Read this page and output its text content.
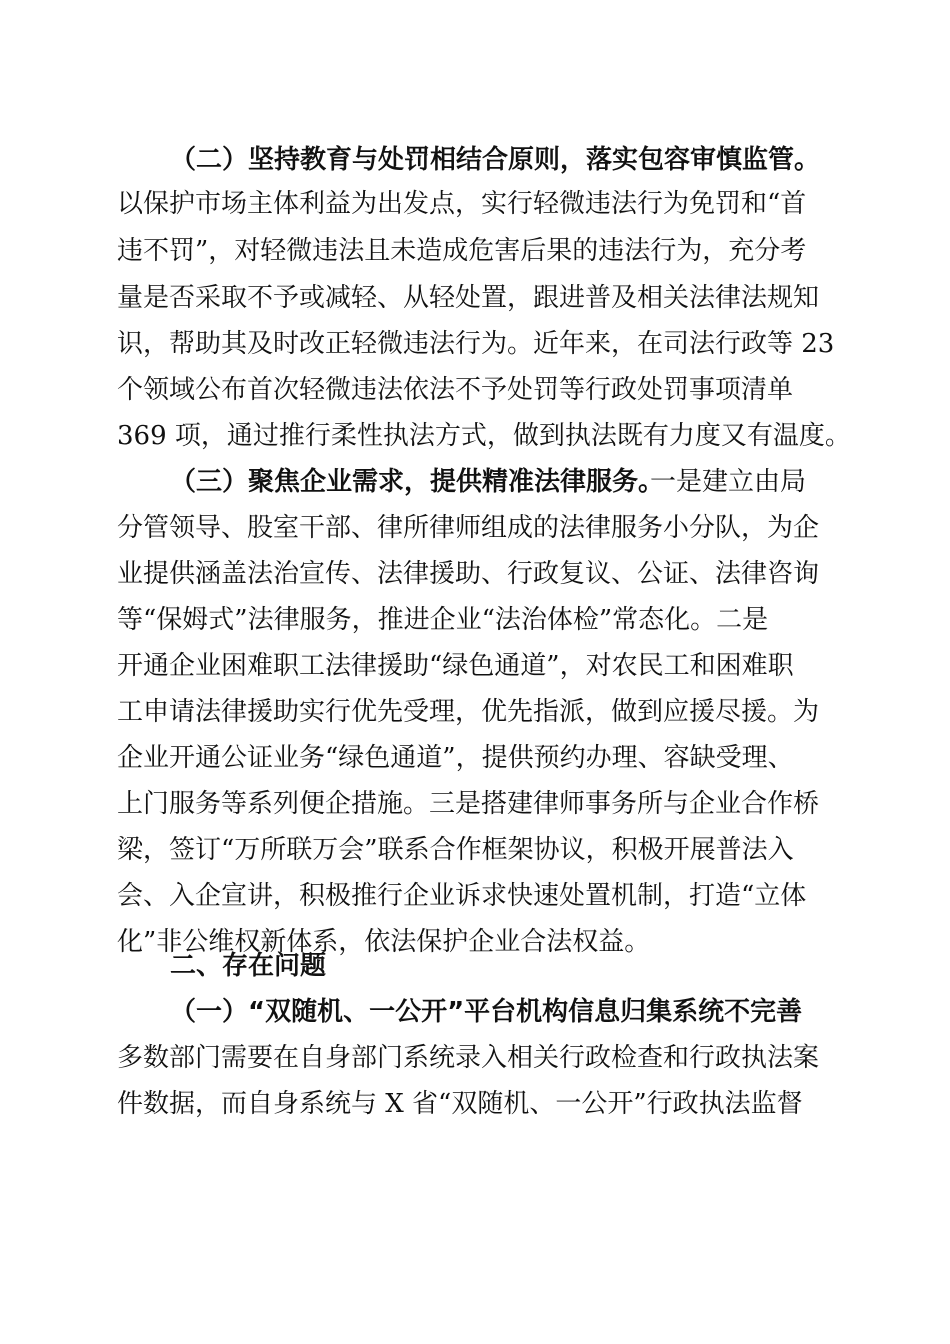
（二）坚持教育与处罚相结合原则，落实包容审慎监管。
以保护市场主体利益为出发点，实行轻微违法行为免罚和“首
违不罚”，对轻微违法且未造成危害后果的违法行为，充分考
量是否采取不予或减轻、从轻处置，跟进普及相关法律法规知
识，帮助其及时改正轻微违法行为。近年来，在司法行政等 23
个领域公布首次轻微违法依法不予处罚等行政处罚事项清单
369 项，通过推行柔性执法方式，做到执法既有力度又有温度。
（三）聚焦企业需求，提供精准法律服务。
一是建立由局
分管领导、股室干部、律所律师组成的法律服务小分队，为企
业提供涵盖法治宣传、法律援助、行政复议、公证、法律咨询
等“保姆式”法律服务，推进企业“法治体检”常态化。二是
开通企业困难职工法律援助“绿色通道”，对农民工和困难职
工申请法律援助实行优先受理，优先指派，做到应援尽援。为
企业开通公证业务“绿色通道”，提供预约办理、容缺受理、
上门服务等系列便企措施。三是搭建律师事务所与企业合作桥
梁，签订“万所联万会”联系合作框架协议，积极开展普法入
会、入企宣讲，积极推行企业诉求快速处置机制，打造“立体
化”非公维权新体系，依法保护企业合法权益。
二、存在问题
（一）“双随机、一公开”平台机构信息归集系统不完善
多数部门需要在自身部门系统录入相关行政检查和行政执法案
件数据，而自身系统与 X 省“双随机、一公开”行政执法监督
